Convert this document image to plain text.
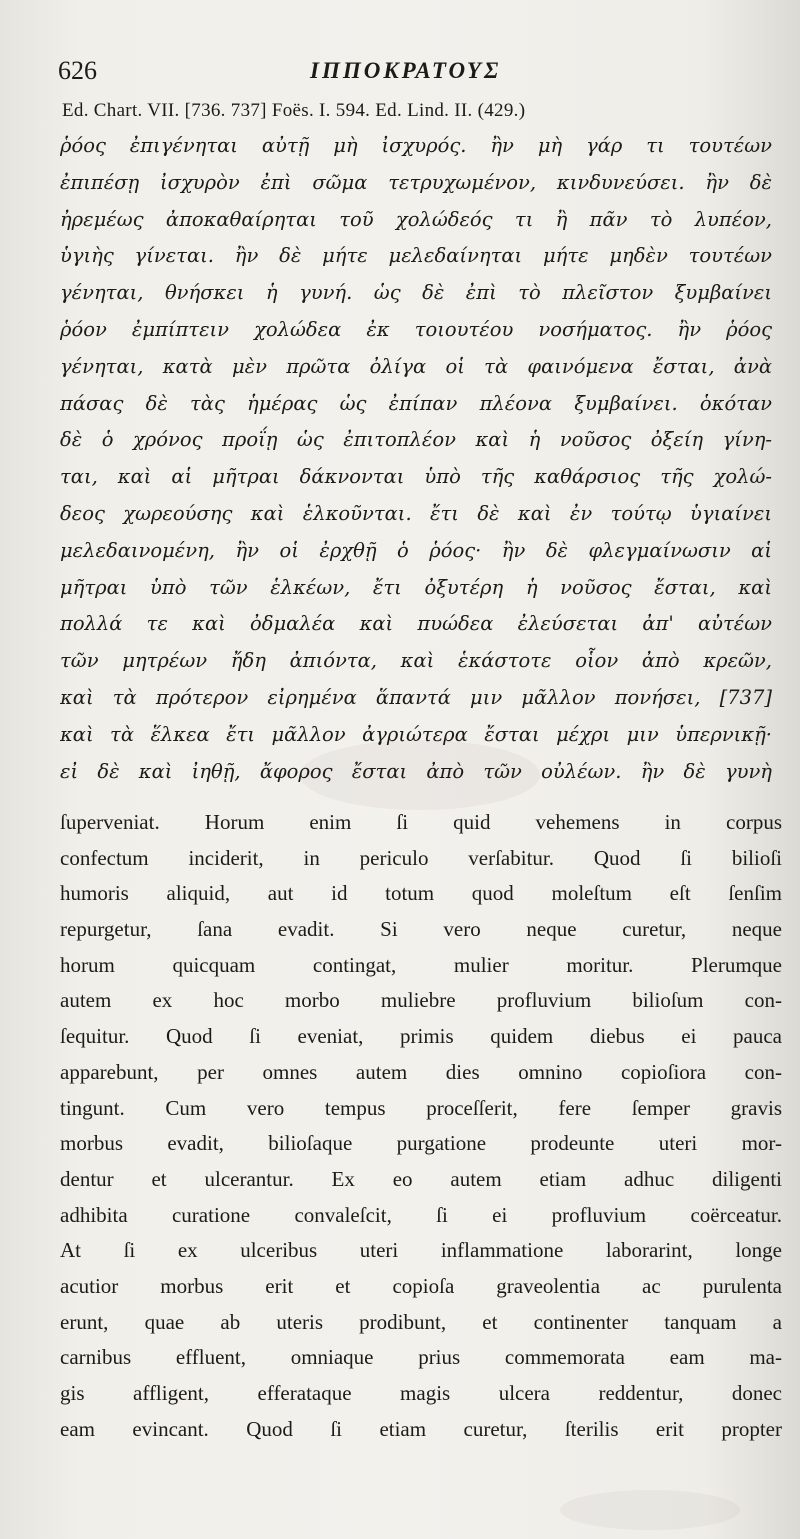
626	ΙΠΠΟΚΡΑΤΟΥΣ
Ed. Chart. VII. [736. 737] Foës. I. 594. Ed. Lind. II. (429.)
ῥόος ἐπιγένηται αὐτῇ μὴ ἰσχυρός. ἢν μὴ γάρ τι τουτέων
ἐπιπέσῃ ἰσχυρὸν ἐπὶ σῶμα τετρυχωμένον, κινδυνεύσει. ἢν δὲ
ἠρεμέως ἀποκαθαίρηται τοῦ χολώδεός τι ἢ πᾶν τὸ λυπέον,
ὑγιὴς γίνεται. ἢν δὲ μήτε μελεδαίνηται μήτε μηδὲν τουτέων
γένηται, θνήσκει ἡ γυνή. ὡς δὲ ἐπὶ τὸ πλεῖστον ξυμβαίνει
ῥόον ἐμπίπτειν χολώδεα ἐκ τοιουτέου νοσήματος. ἢν ῥόος
γένηται, κατὰ μὲν πρῶτα ὀλίγα οἱ τὰ φαινόμενα ἔσται, ἀνὰ
πάσας δὲ τὰς ἡμέρας ὡς ἐπίπαν πλέονα ξυμβαίνει. ὁκόταν
δὲ ὁ χρόνος προΐῃ ὡς ἐπιτοπλέον καὶ ἡ νοῦσος ὀξείη γίνη-
ται, καὶ αἱ μῆτραι δάκνονται ὑπὸ τῆς καθάρσιος τῆς χολώ-
δεος χωρεούσης καὶ ἑλκοῦνται. ἔτι δὲ καὶ ἐν τούτῳ ὑγιαίνει
μελεδαινομένη, ἢν οἱ ἐρχθῇ ὁ ῥόος· ἢν δὲ φλεγμαίνωσιν αἱ
μῆτραι ὑπὸ τῶν ἑλκέων, ἔτι ὀξυτέρη ἡ νοῦσος ἔσται, καὶ
πολλά τε καὶ ὀδμαλέα καὶ πυώδεα ἐλεύσεται ἀπ' αὐτέων
τῶν μητρέων ἤδη ἀπιόντα, καὶ ἑκάστοτε οἷον ἀπὸ κρεῶν,
καὶ τὰ πρότερον εἰρημένα ἅπαντά μιν μᾶλλον πονήσει, [737]
καὶ τὰ ἕλκεα ἔτι μᾶλλον ἀγριώτερα ἔσται μέχρι μιν ὑπερνικῇ·
εἰ δὲ καὶ ἰηθῇ, ἄφορος ἔσται ἀπὸ τῶν οὐλέων. ἢν δὲ γυνὴ
ſuperveniat. Horum enim ſi quid vehemens in corpus
confectum inciderit, in periculo verſabitur. Quod ſi bilioſi
humoris aliquid, aut id totum quod moleſtum eſt ſenſim
repurgetur, ſana evadit. Si vero neque curetur, neque
horum quicquam contingat, mulier moritur. Plerumque
autem ex hoc morbo muliebre profluvium bilioſum con-
ſequitur. Quod ſi eveniat, primis quidem diebus ei pauca
apparebunt, per omnes autem dies omnino copioſiora con-
tingunt. Cum vero tempus proceſſerit, fere ſemper gravis
morbus evadit, bilioſaque purgatione prodeunte uteri mor-
dentur et ulcerantur. Ex eo autem etiam adhuc diligenti
adhibita curatione convaleſcit, ſi ei profluvium coërceatur.
At ſi ex ulceribus uteri inflammatione laborarint, longe
acutior morbus erit et copioſa graveolentia ac purulenta
erunt, quae ab uteris prodibunt, et continenter tanquam a
carnibus effluent, omniaque prius commemorata eam ma-
gis affligent, efferataque magis ulcera reddentur, donec
eam evincant. Quod ſi etiam curetur, ſterilis erit propter
